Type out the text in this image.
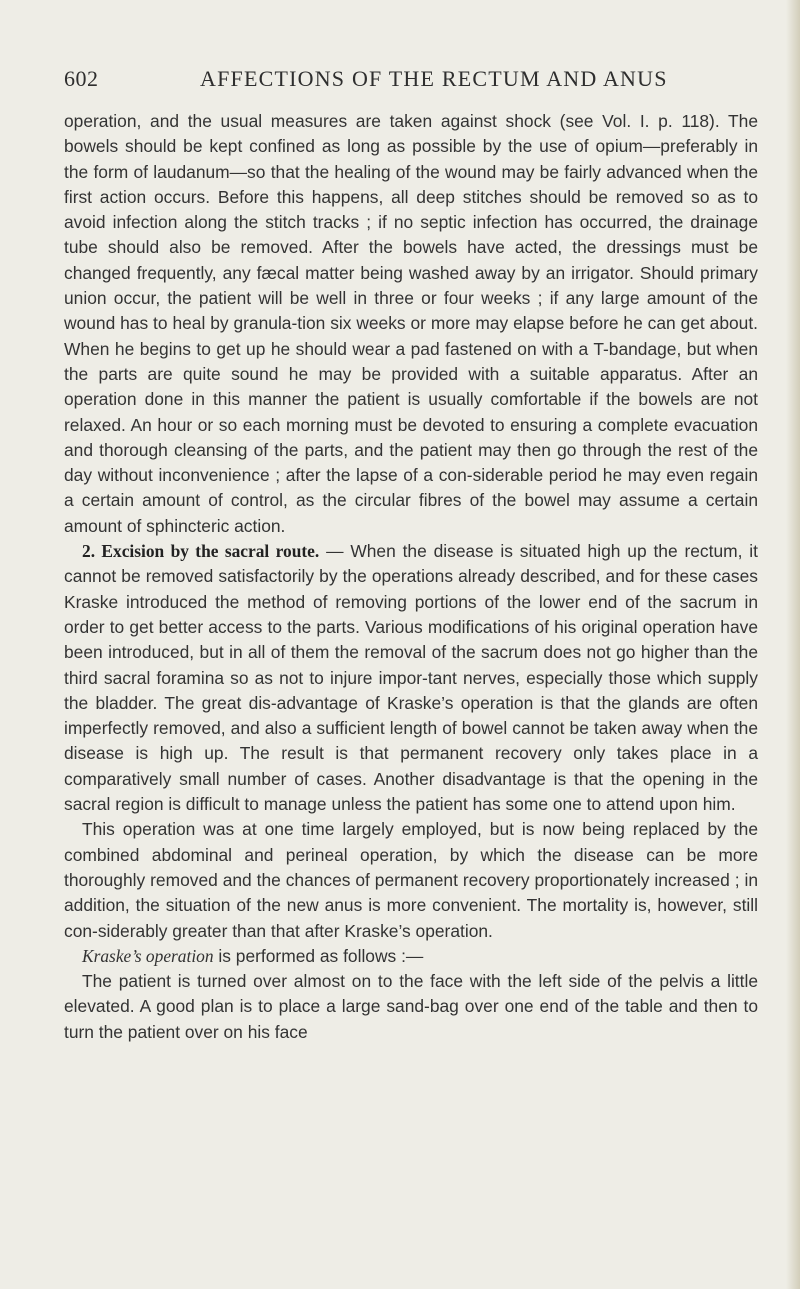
602	AFFECTIONS OF THE RECTUM AND ANUS

operation, and the usual measures are taken against shock (see Vol. I. p. 118). The bowels should be kept confined as long as possible by the use of opium—preferably in the form of laudanum—so that the healing of the wound may be fairly advanced when the first action occurs. Before this happens, all deep stitches should be removed so as to avoid infection along the stitch tracks ; if no septic infection has occurred, the drainage tube should also be removed. After the bowels have acted, the dressings must be changed frequently, any fæcal matter being washed away by an irrigator. Should primary union occur, the patient will be well in three or four weeks ; if any large amount of the wound has to heal by granula-tion six weeks or more may elapse before he can get about. When he begins to get up he should wear a pad fastened on with a T-bandage, but when the parts are quite sound he may be provided with a suitable apparatus. After an operation done in this manner the patient is usually comfortable if the bowels are not relaxed. An hour or so each morning must be devoted to ensuring a complete evacuation and thorough cleansing of the parts, and the patient may then go through the rest of the day without inconvenience ; after the lapse of a con-siderable period he may even regain a certain amount of control, as the circular fibres of the bowel may assume a certain amount of sphincteric action.

2. Excision by the sacral route. — When the disease is situated high up the rectum, it cannot be removed satisfactorily by the operations already described, and for these cases Kraske introduced the method of removing portions of the lower end of the sacrum in order to get better access to the parts. Various modifications of his original operation have been introduced, but in all of them the removal of the sacrum does not go higher than the third sacral foramina so as not to injure impor-tant nerves, especially those which supply the bladder. The great dis-advantage of Kraske’s operation is that the glands are often imperfectly removed, and also a sufficient length of bowel cannot be taken away when the disease is high up. The result is that permanent recovery only takes place in a comparatively small number of cases. Another disadvantage is that the opening in the sacral region is difficult to manage unless the patient has some one to attend upon him.

This operation was at one time largely employed, but is now being replaced by the combined abdominal and perineal operation, by which the disease can be more thoroughly removed and the chances of permanent recovery proportionately increased ; in addition, the situation of the new anus is more convenient. The mortality is, however, still con-siderably greater than that after Kraske’s operation.

Kraske’s operation is performed as follows :—

The patient is turned over almost on to the face with the left side of the pelvis a little elevated. A good plan is to place a large sand-bag over one end of the table and then to turn the patient over on his face
